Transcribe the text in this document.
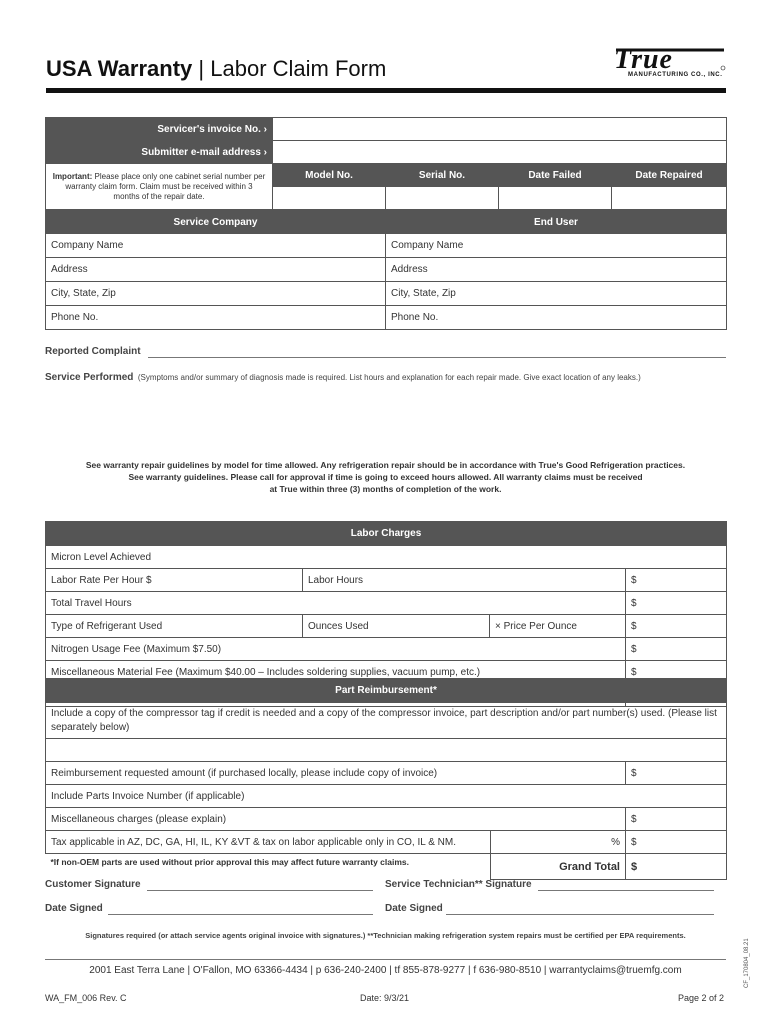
USA Warranty | Labor Claim Form	True
MANUFACTURING CO., INC.
Servicer's invoice No. ›				
Submitter e-mail address ›				
Important: Please place only one cabinet serial number per warranty claim form. Claim must be received within 3 months of the repair date.	Model No.	Serial No.	Date Failed	Date Repaired

Service Company	End User
Company Name	Company Name
Address	Address
City, State, Zip	City, State, Zip
Phone No.	Phone No.
Reported Complaint
Service Performed (Symptoms and/or summary of diagnosis made is required. List hours and explanation for each repair made. Give exact location of any leaks.)
See warranty repair guidelines by model for time allowed. Any refrigeration repair should be in accordance with True's Good Refrigeration practices.
See warranty guidelines. Please call for approval if time is going to exceed hours allowed. All warranty claims must be received
at True within three (3) months of completion of the work.
Labor Charges			
Micron Level Achieved			
Labor Rate Per Hour $	Labor Hours		$
Total Travel Hours			$
Type of Refrigerant Used	Ounces Used	× Price Per Ounce	$
Nitrogen Usage Fee (Maximum $7.50)			$
Miscellaneous Material Fee (Maximum $40.00 – Includes soldering supplies, vacuum pump, etc.)			$

Part Reimbursement*		
Include a copy of the compressor tag if credit is needed and a copy of the compressor invoice, part description and/or part number(s) used. (Please list separately below)		

Reimbursement requested amount (if purchased locally, please include copy of invoice)		$
Include Parts Invoice Number (if applicable)		
Miscellaneous charges (please explain)		$
Tax applicable in AZ, DC, GA, HI, IL, KY &VT & tax on labor applicable only in CO, IL & NM.	%	$
*If non-OEM parts are used without prior approval this may affect future warranty claims.	Grand Total	$
Customer Signature	Service Technician** Signature
Date Signed	Date Signed
Signatures required (or attach service agents original invoice with signatures.) **Technician making refrigeration system repairs must be certified per EPA requirements.
2001 East Terra Lane | O'Fallon, MO 63366-4434 | p 636-240-2400 | tf 855-878-9277 | f 636-980-8510 | warrantyclaims@truemfg.com
WA_FM_006 Rev. C	Date: 9/3/21	Page 2 of 2
CF_170804_08.21
